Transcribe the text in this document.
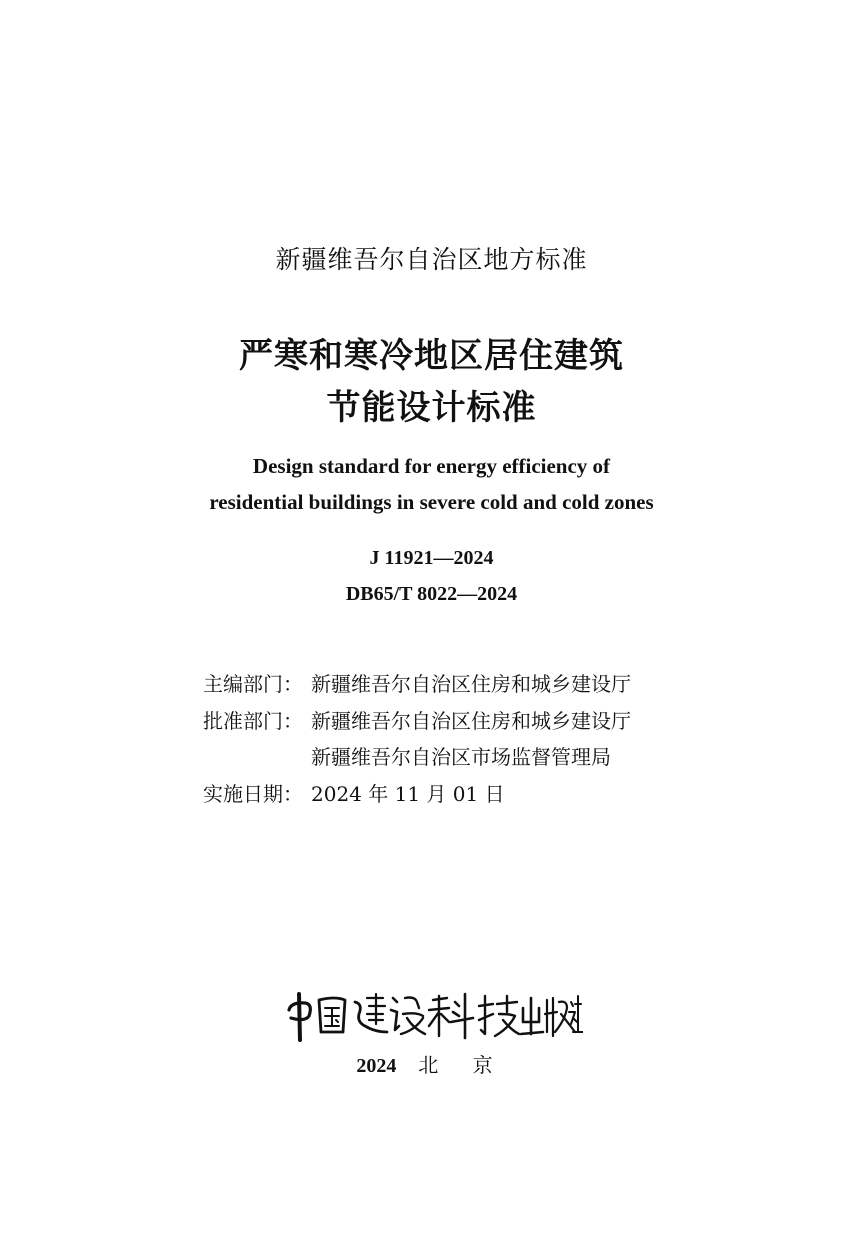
新疆维吾尔自治区地方标准
严寒和寒冷地区居住建筑
节能设计标准
Design standard for energy efficiency of
residential buildings in severe cold and cold zones
J 11921—2024
DB65/T 8022—2024
主编部门： 新疆维吾尔自治区住房和城乡建设厅
批准部门： 新疆维吾尔自治区住房和城乡建设厅
新疆维吾尔自治区市场监督管理局
实施日期： 2024 年 11 月 01 日
2024 北 京
